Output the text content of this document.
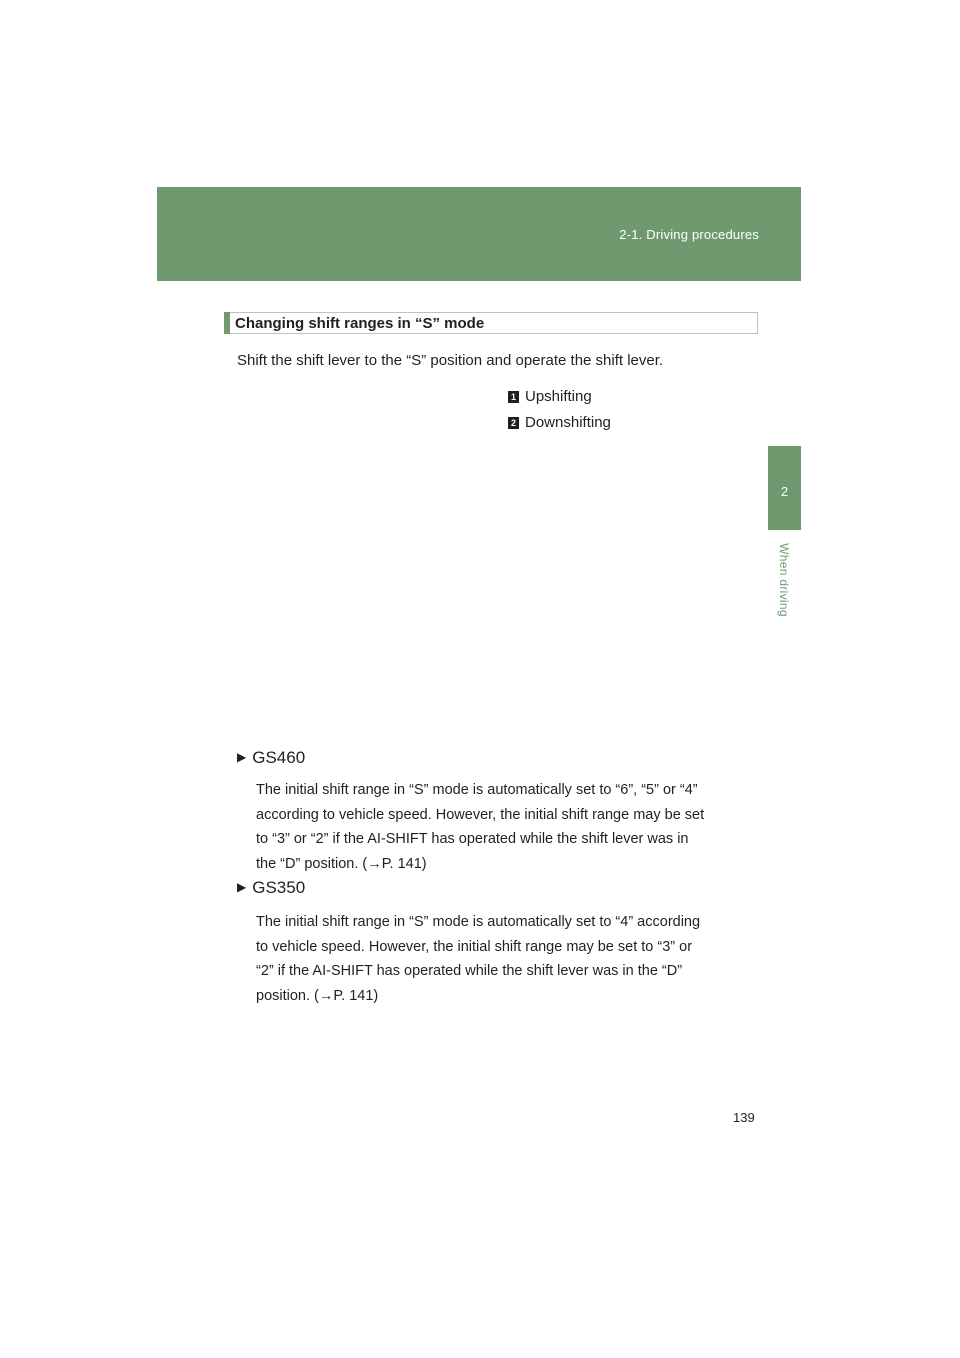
2-1. Driving procedures
2
When driving
Changing shift ranges in “S” mode
Shift the shift lever to the “S” position and operate the shift lever.
1 Upshifting
2 Downshifting
▶ GS460
The initial shift range in “S” mode is automatically set to “6”, “5” or “4”
according to vehicle speed. However, the initial shift range may be set
to “3” or “2” if the AI-SHIFT has operated while the shift lever was in
the “D” position. (→P. 141)
▶ GS350
The initial shift range in “S” mode is automatically set to “4” according
to vehicle speed. However, the initial shift range may be set to “3” or
“2” if the AI-SHIFT has operated while the shift lever was in the “D”
position. (→P. 141)
139
